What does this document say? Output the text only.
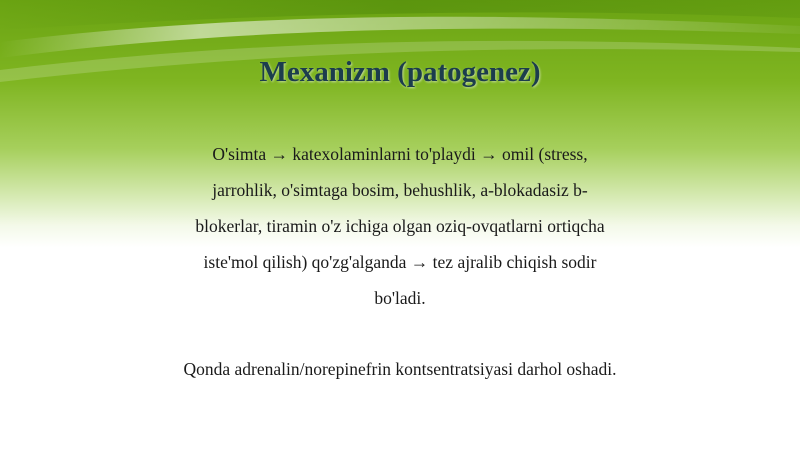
Mexanizm (patogenez)

O'simta → katexolaminlarni to'playdi → omil (stress, jarrohlik, o'simtaga bosim, behushlik, a-blokadasiz b-blokerlar, tiramin o'z ichiga olgan oziq-ovqatlarni ortiqcha iste'mol qilish) qo'zg'alganda → tez ajralib chiqish sodir bo'ladi.

Qonda adrenalin/norepinefrin kontsentratsiyasi darhol oshadi.
